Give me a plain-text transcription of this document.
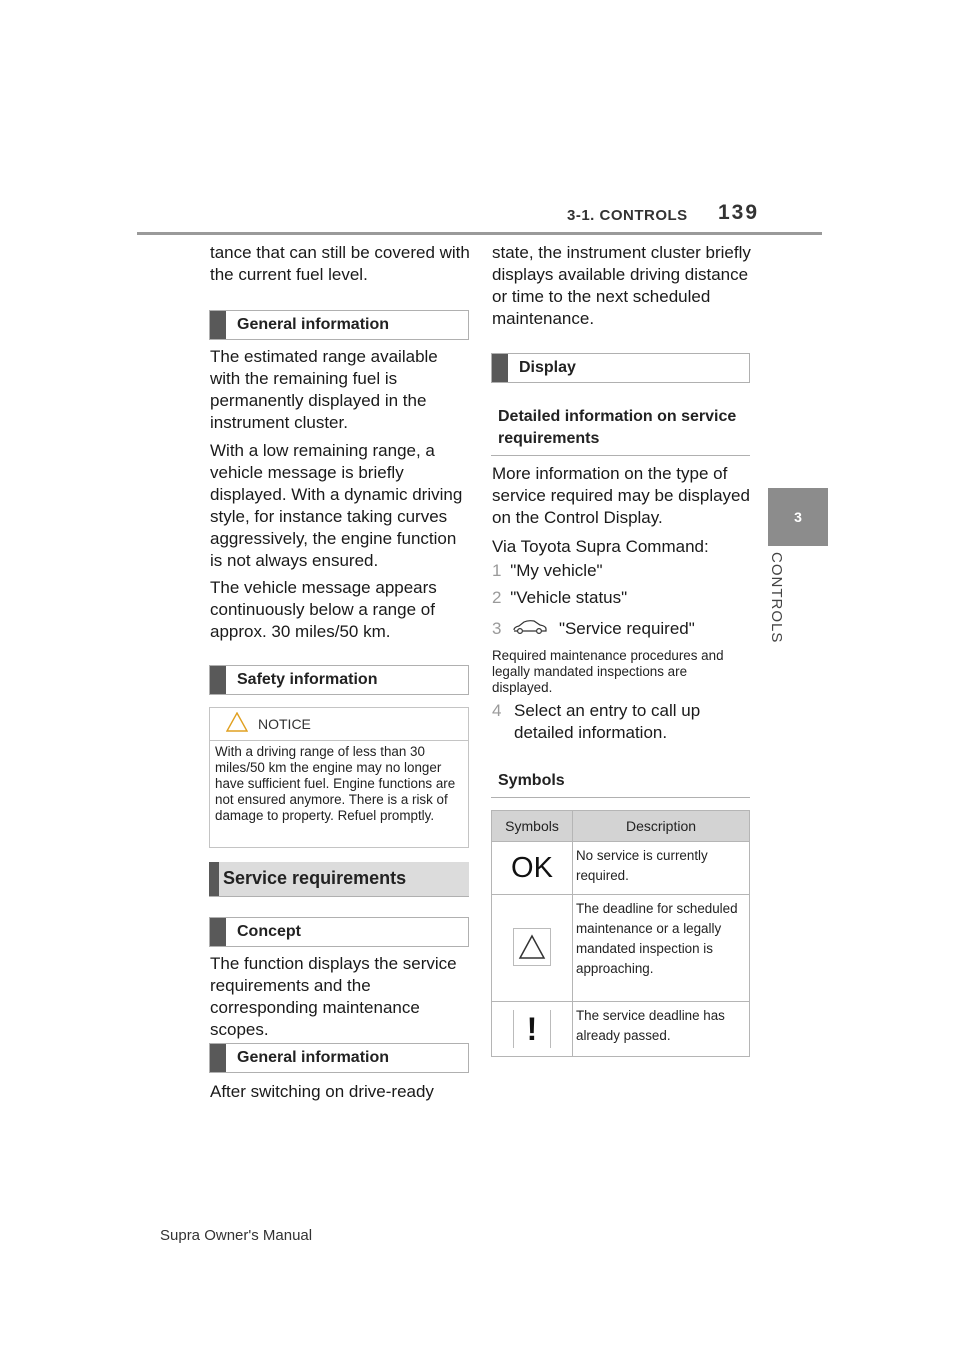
3-1. CONTROLS 139
3
CONTROLS
tance that can still be covered with the current fuel level.
General information
The estimated range available with the remaining fuel is permanently displayed in the instrument cluster.
With a low remaining range, a vehicle message is briefly displayed. With a dynamic driving style, for instance taking curves aggressively, the engine function is not always ensured.
The vehicle message appears continuously below a range of approx. 30 miles/50 km.
Safety information
NOTICE
With a driving range of less than 30 miles/50 km the engine may no longer have sufficient fuel. Engine functions are not ensured anymore. There is a risk of damage to property. Refuel promptly.
Service requirements
Concept
The function displays the service requirements and the corresponding maintenance scopes.
General information
After switching on drive-ready
state, the instrument cluster briefly displays available driving distance or time to the next scheduled maintenance.
Display
Detailed information on service requirements
More information on the type of service required may be displayed on the Control Display.
Via Toyota Supra Command:
1 "My vehicle"
2 "Vehicle status"
3	"Service required"
Required maintenance procedures and legally mandated inspections are displayed.
4 Select an entry to call up detailed information.
Symbols
Symbols	Description
OK	No service is currently required.
	The deadline for scheduled maintenance or a legally mandated inspection is approaching.
!	The service deadline has already passed.
Supra Owner's Manual
